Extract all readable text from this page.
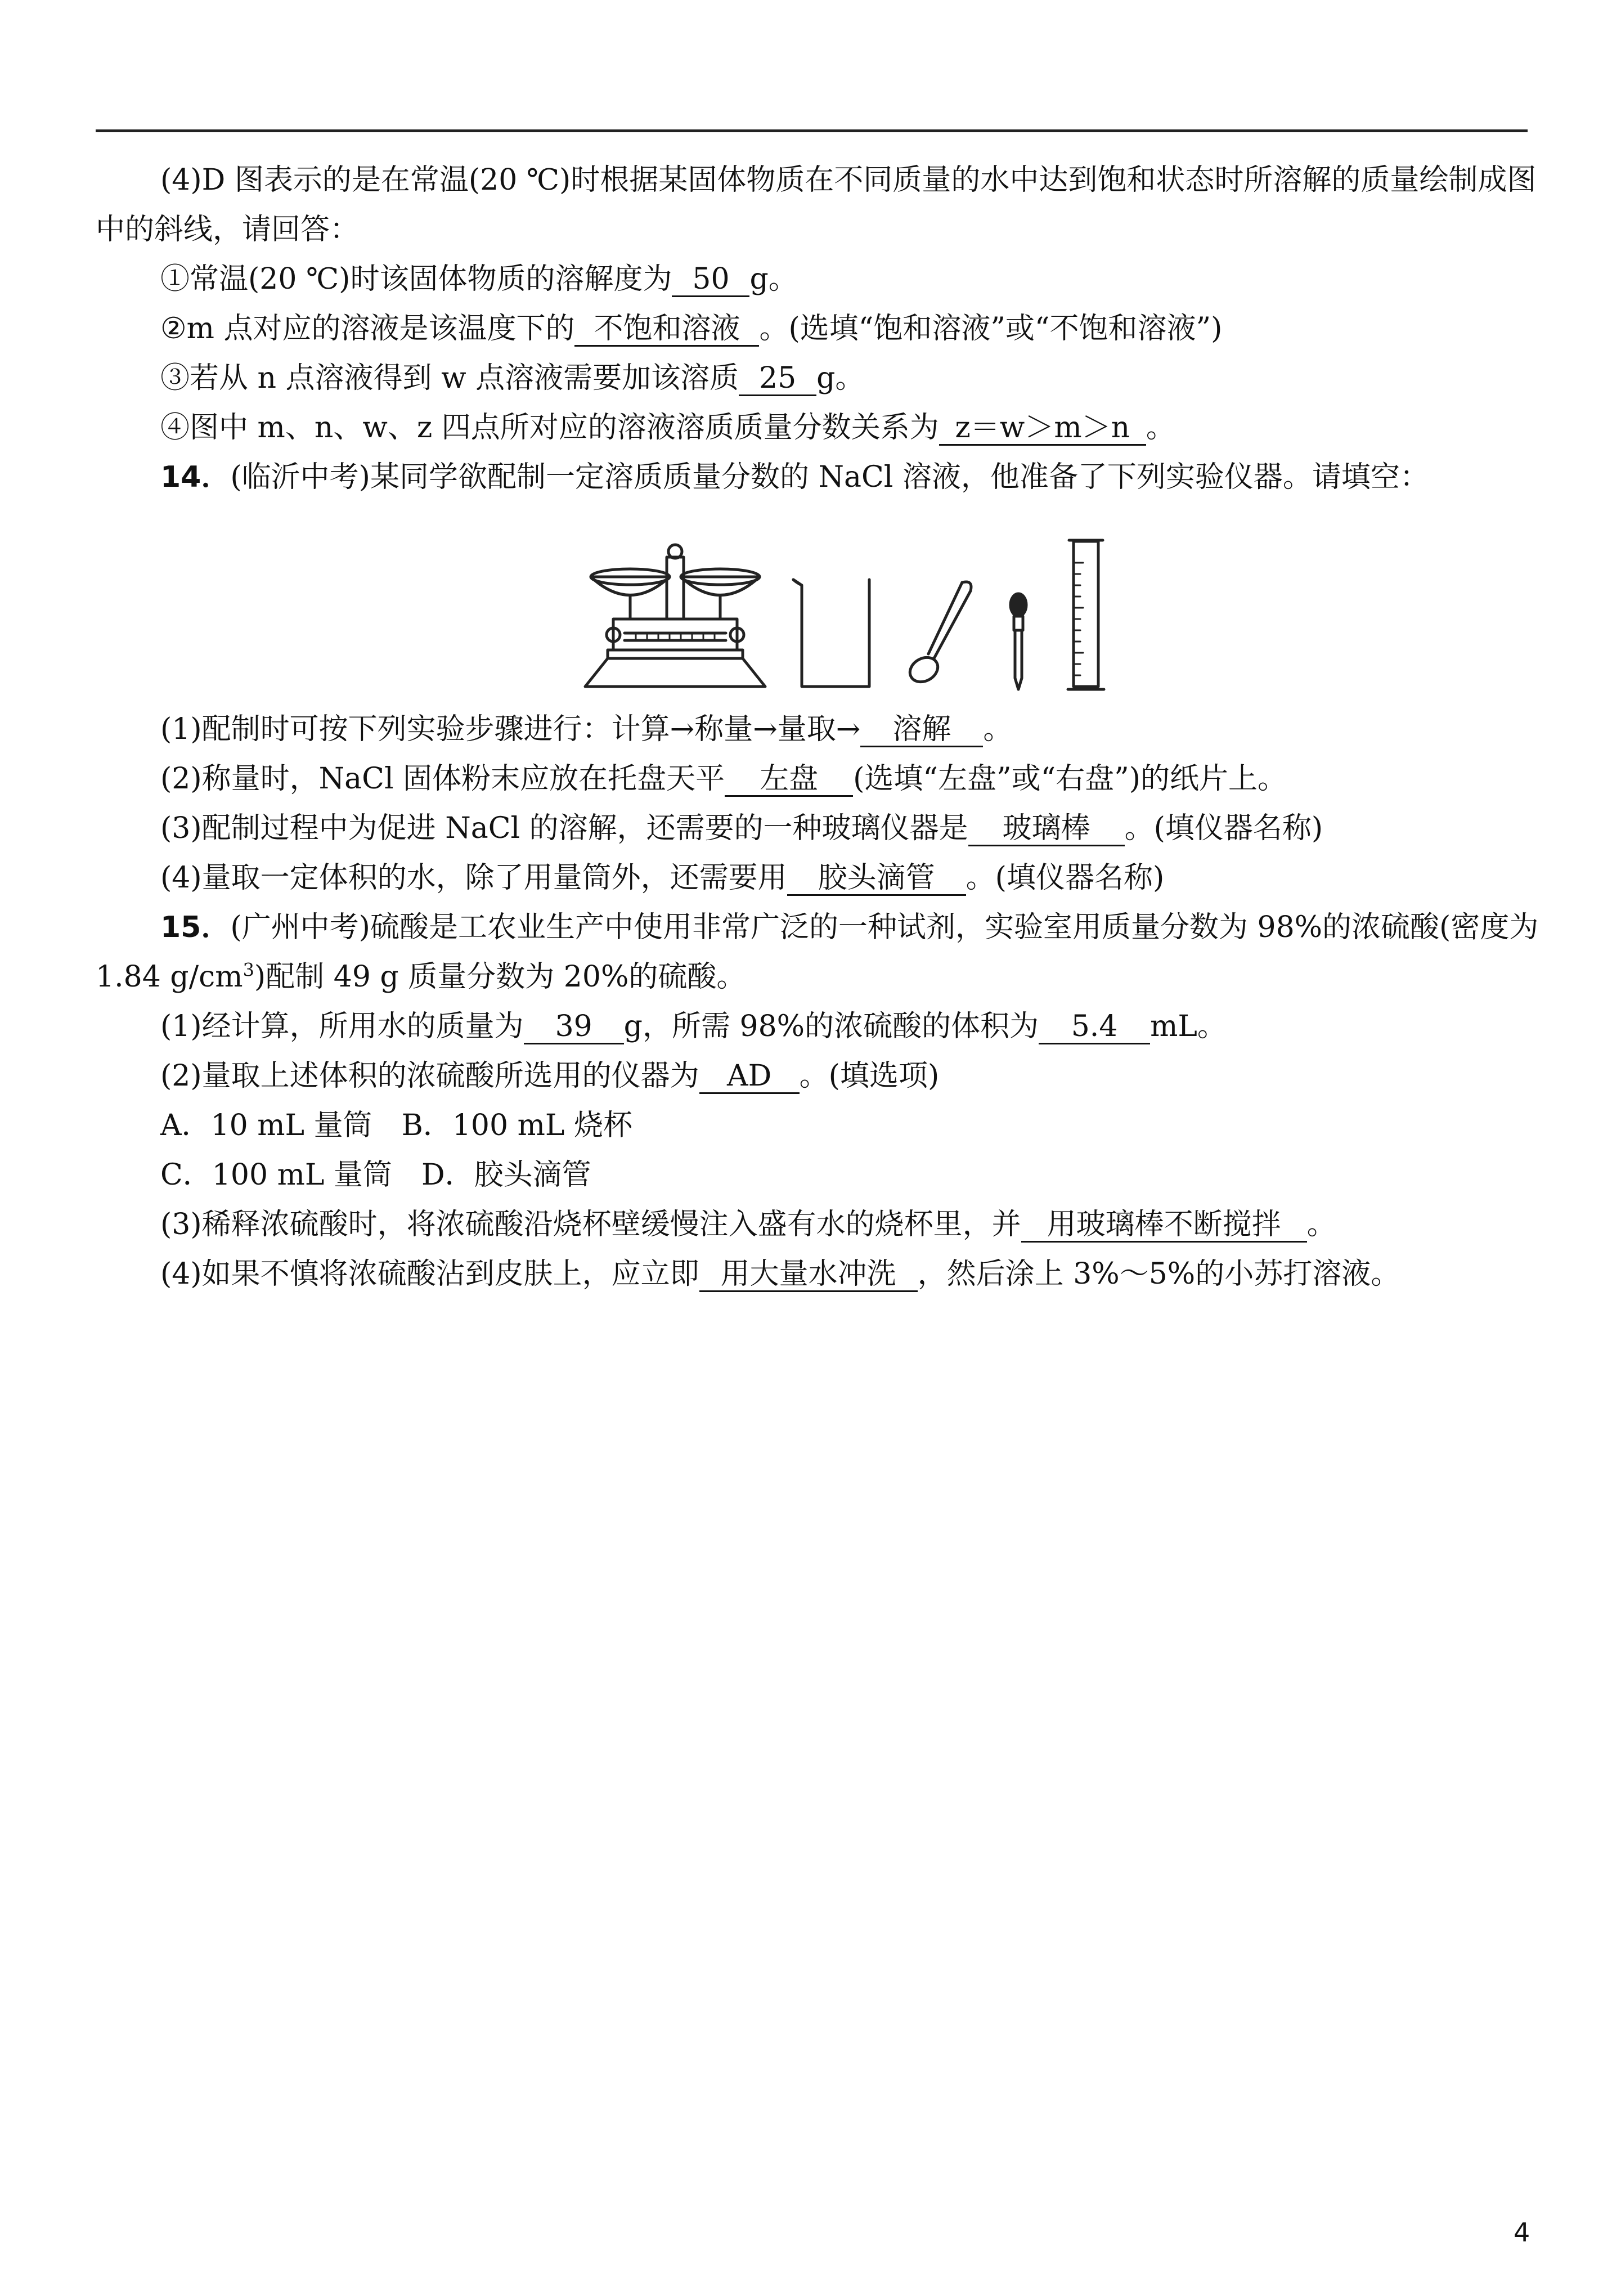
(4)D 图表示的是在常温(20 ℃)时根据某固体物质在不同质量的水中达到饱和状态时所溶解的质量绘制成图
中的斜线，请回答：
①常温(20 ℃)时该固体物质的溶解度为 50 g。
②m 点对应的溶液是该温度下的 不饱和溶液 。(选填“饱和溶液”或“不饱和溶液”)
③若从 n 点溶液得到 w 点溶液需要加该溶质 25 g。
④图中 m、n、w、z 四点所对应的溶液溶质质量分数关系为 z＝w＞m＞n 。
14．(临沂中考)某同学欲配制一定溶质质量分数的 NaCl 溶液，他准备了下列实验仪器。请填空：
(1)配制时可按下列实验步骤进行：计算→称量→量取→ 溶解 。
(2)称量时，NaCl 固体粉末应放在托盘天平 左盘 (选填“左盘”或“右盘”)的纸片上。
(3)配制过程中为促进 NaCl 的溶解，还需要的一种玻璃仪器是 玻璃棒 。(填仪器名称)
(4)量取一定体积的水，除了用量筒外，还需要用 胶头滴管 。(填仪器名称)
15．(广州中考)硫酸是工农业生产中使用非常广泛的一种试剂，实验室用质量分数为 98%的浓硫酸(密度为
1.84 $g/cm^3$)配制 49 g 质量分数为 20%的硫酸。
(1)经计算，所用水的质量为 39 g，所需 98%的浓硫酸的体积为 5.4 mL。
(2)量取上述体积的浓硫酸所选用的仪器为 AD 。(填选项)
A．10 mL 量筒　B．100 mL 烧杯
C．100 mL 量筒　D．胶头滴管
(3)稀释浓硫酸时，将浓硫酸沿烧杯壁缓慢注入盛有水的烧杯里，并 用玻璃棒不断搅拌 。
(4)如果不慎将浓硫酸沾到皮肤上，应立即 用大量水冲洗 ，然后涂上 3%～5%的小苏打溶液。
4
